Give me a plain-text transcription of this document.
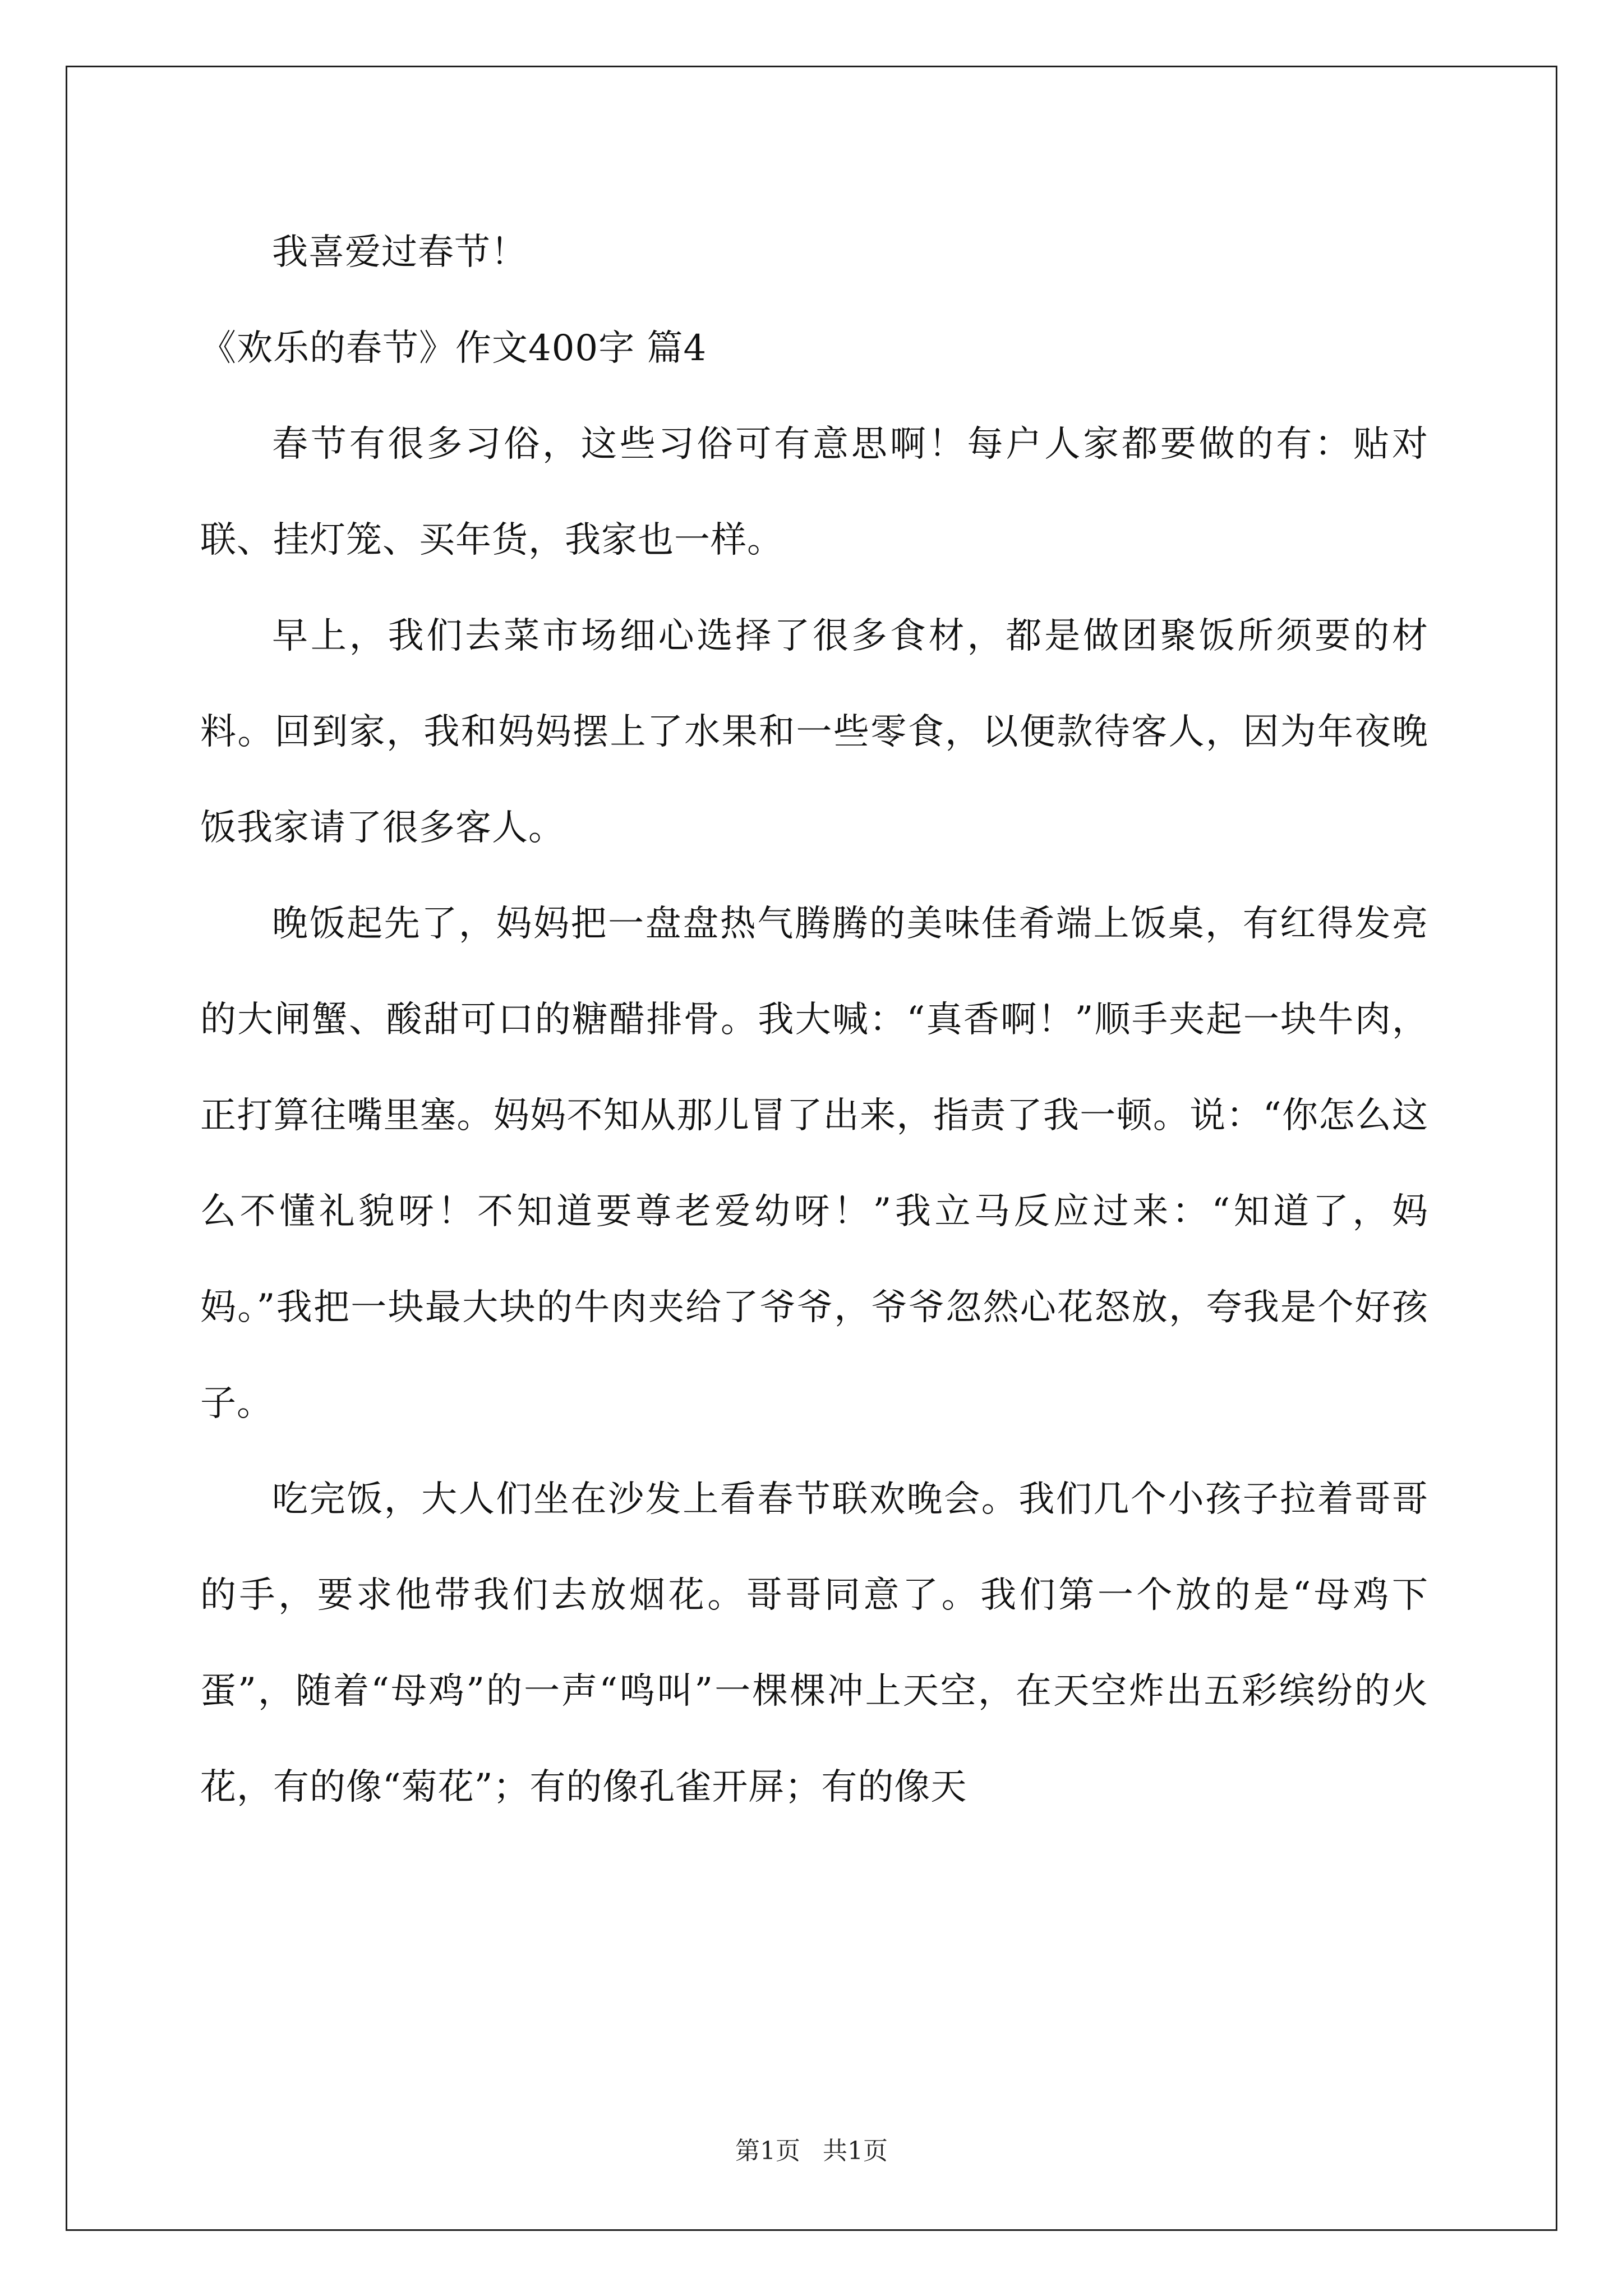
我喜爱过春节！

《欢乐的春节》作文400字 篇4

春节有很多习俗，这些习俗可有意思啊！每户人家都要做的有：贴对联、挂灯笼、买年货，我家也一样。

早上，我们去菜市场细心选择了很多食材，都是做团聚饭所须要的材料。回到家，我和妈妈摆上了水果和一些零食，以便款待客人，因为年夜晚饭我家请了很多客人。

晚饭起先了，妈妈把一盘盘热气腾腾的美味佳肴端上饭桌，有红得发亮的大闸蟹、酸甜可口的糖醋排骨。我大喊：“真香啊！”顺手夹起一块牛肉，正打算往嘴里塞。妈妈不知从那儿冒了出来，指责了我一顿。说：“你怎么这么不懂礼貌呀！不知道要尊老爱幼呀！”我立马反应过来：“知道了，妈妈。”我把一块最大块的牛肉夹给了爷爷，爷爷忽然心花怒放，夸我是个好孩子。

吃完饭，大人们坐在沙发上看春节联欢晚会。我们几个小孩子拉着哥哥的手，要求他带我们去放烟花。哥哥同意了。我们第一个放的是“母鸡下蛋”，随着“母鸡”的一声“鸣叫”一棵棵冲上天空，在天空炸出五彩缤纷的火花，有的像“菊花”；有的像孔雀开屏；有的像天

第1页 共1页
